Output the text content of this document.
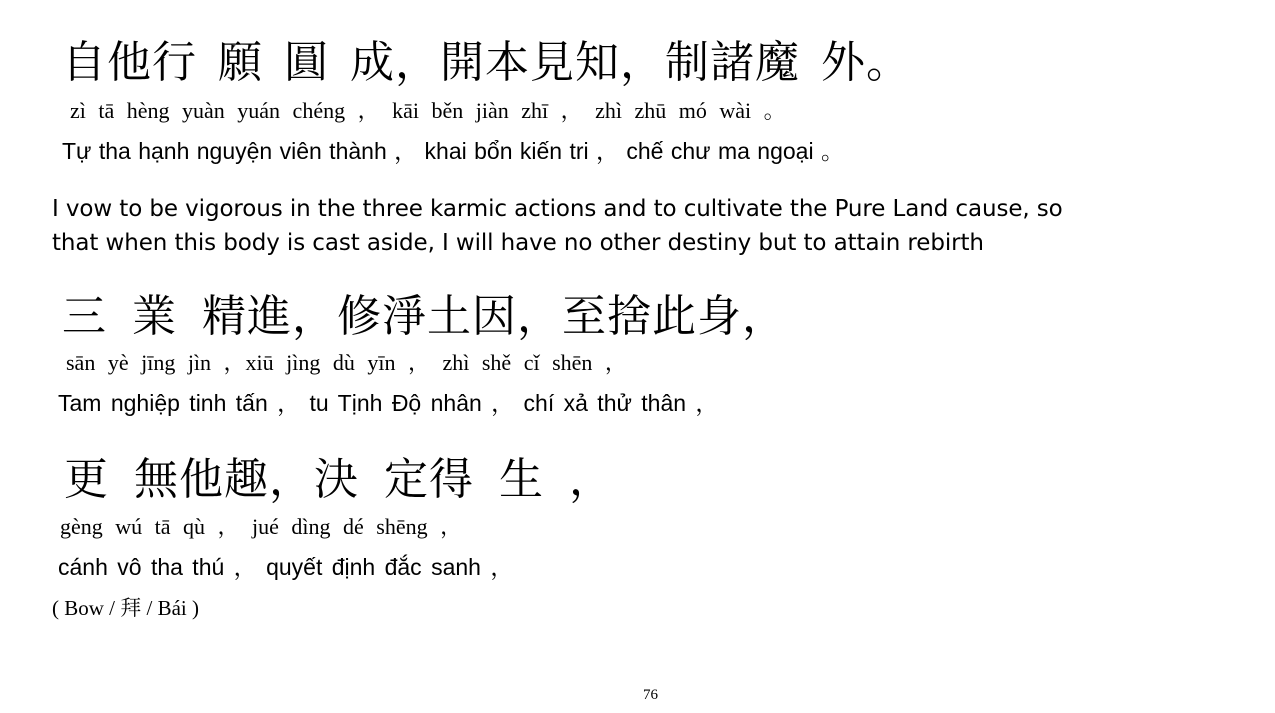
自他行 願 圓 成，開本見知，制諸魔 外。
zì tā hèng yuàn yuán chéng ， kāi běn jiàn zhī ， zhì zhū mó wài 。
Tự tha hạnh nguyện viên thành ， khai bổn kiến tri ， chế chư ma ngoại 。
I vow to be vigorous in the three karmic actions and to cultivate the Pure Land cause, so
that when this body is cast aside, I will have no other destiny but to attain rebirth
三 業 精進，修淨土因，至捨此身，
sān yè jīng jìn ，xiū jìng dù yīn ， zhì shě cǐ shēn ，
Tam nghiệp tinh tấn ， tu Tịnh Độ nhân ， chí xả thử thân ，
更 無他趣，決 定得 生 ，
gèng wú tā qù ， jué dìng dé shēng ，
cánh vô tha thú ， quyết định đắc sanh ，
( Bow / 拜 / Bái )
76
